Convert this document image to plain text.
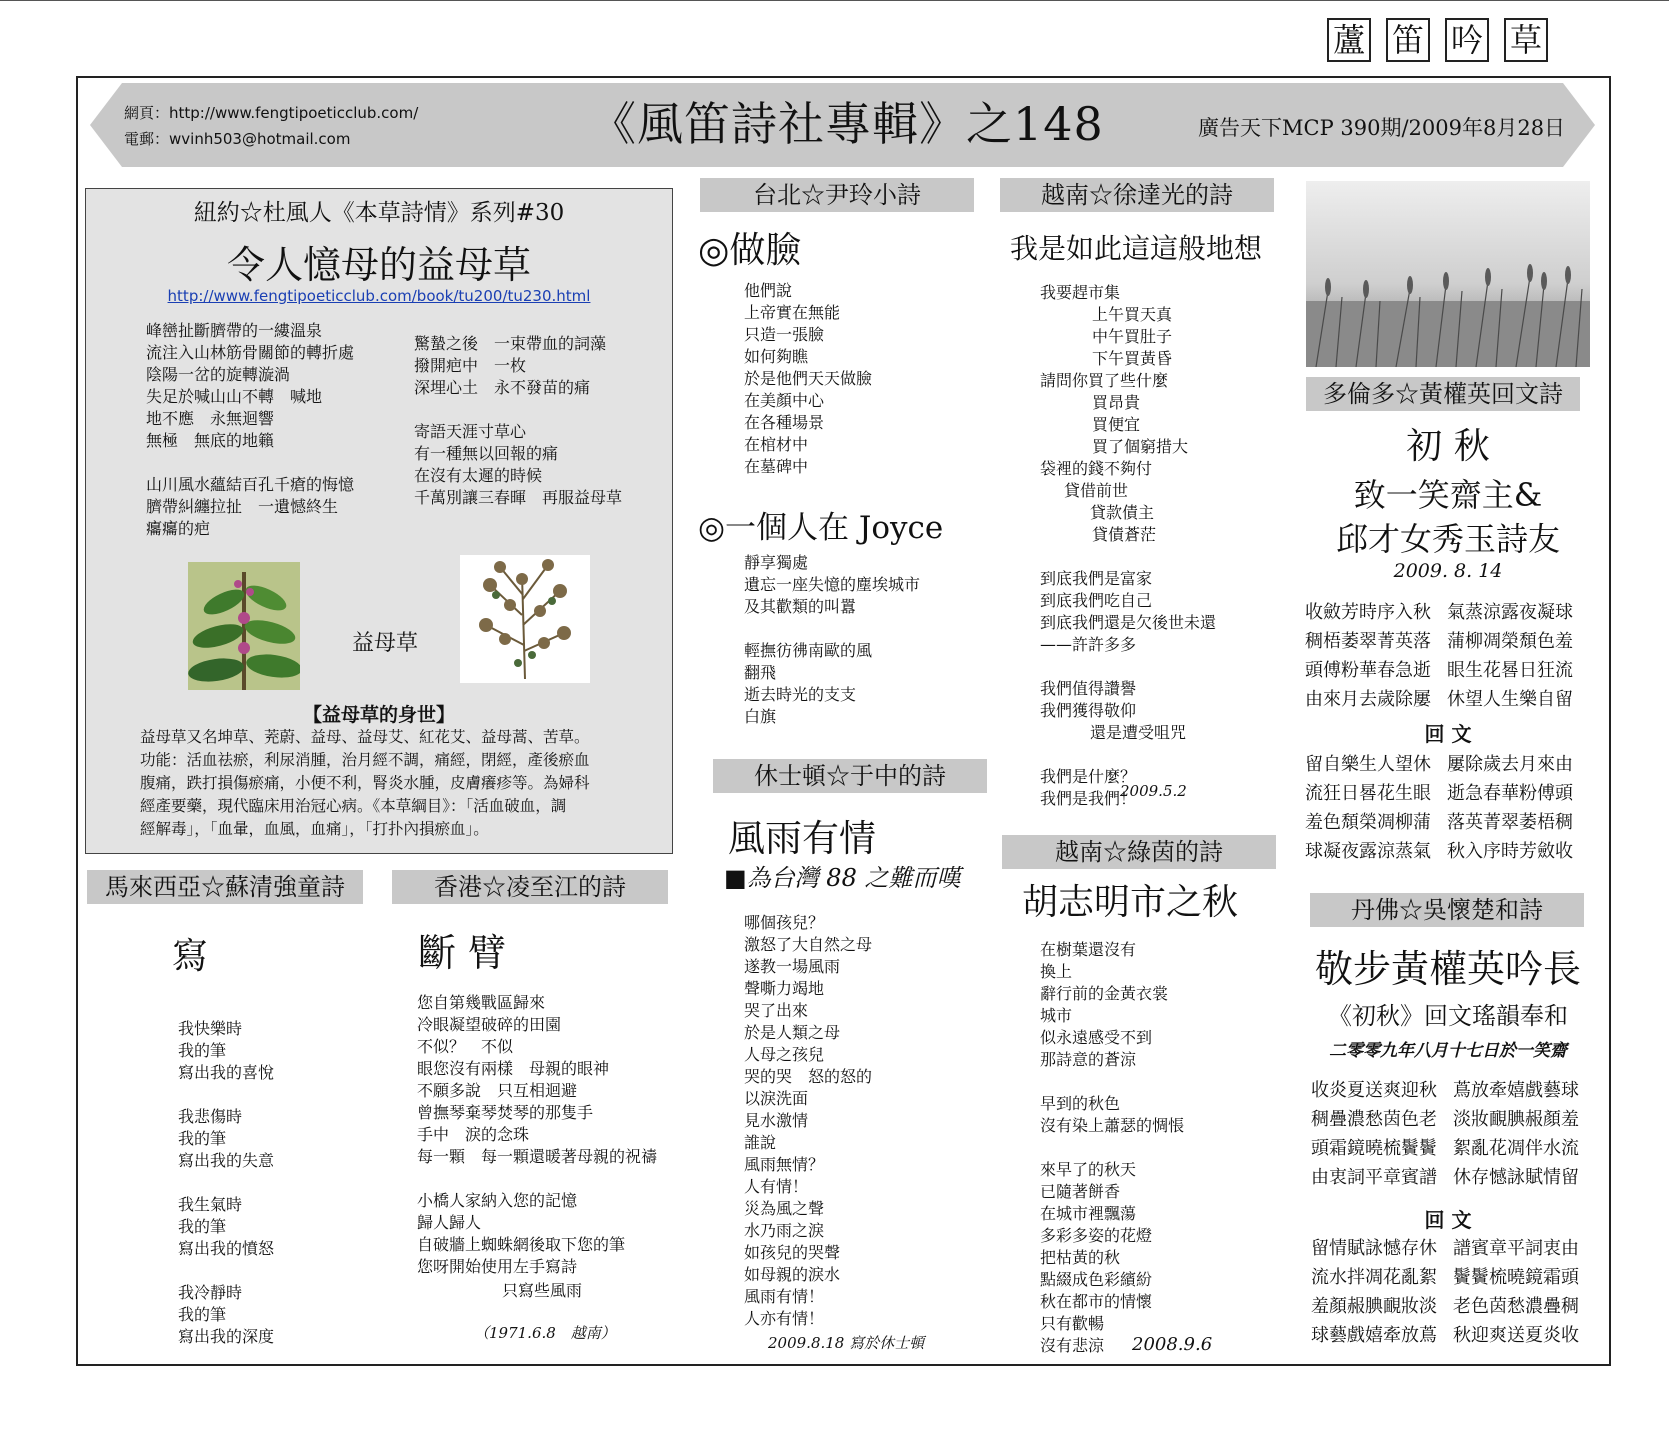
網頁：http://www.fengtipoeticclub.com/
電郵：wvinh503@hotmail.com	《風笛詩社專輯》之148	廣告天下MCP 390期/2009年8月28日
紐約☆杜風人《本草詩情》系列#30
令人憶母的益母草
http://www.fengtipoeticclub.com/book/tu200/tu230.html
峰巒扯斷臍帶的一縷溫泉
流注入山林筋骨關節的轉折處
陰陽一岔的旋轉漩渦
失足於喊山山不轉　喊地
地不應　永無迴響
無極　無底的地籟
山川風水蘊結百孔千瘡的悔憶
臍帶糾纏拉扯　一遺憾終生
癟癟的疤
驚蟄之後　一束帶血的詞藻
撥開疤中　一枚
深埋心土　永不發苗的痛
寄語天涯寸草心
有一種無以回報的痛
在沒有太遲的時候
千萬別讓三春暉　再服益母草
益母草
【益母草的身世】
益母草又名坤草、茺蔚、益母、益母艾、紅花艾、益母蒿、苦草。
功能：活血祛瘀，利尿消腫，治月經不調，痛經，閉經，產後瘀血
腹痛，跌打損傷瘀痛，小便不利，腎炎水腫，皮膚癢疹等。為婦科
經產要藥，現代臨床用治冠心病。《本草綱目》：「活血破血，調
經解毒」，「血暈，血風，血痛」，「打扑內損瘀血」。
馬來西亞☆蘇清強童詩
寫
我快樂時
我的筆
寫出我的喜悅
我悲傷時
我的筆
寫出我的失意
我生氣時
我的筆
寫出我的憤怒
我冷靜時
我的筆
寫出我的深度
香港☆凌至江的詩
斷 臂
您自第幾戰區歸來
冷眼凝望破碎的田園
不似？　不似
眼您沒有兩樣　母親的眼神
不願多說　只互相迴避
曾撫琴棄琴焚琴的那隻手
手中　淚的念珠
每一顆　每一顆還暖著母親的祝禱
小橋人家納入您的記憶
歸人歸人
自破牆上蜘蛛網後取下您的筆
您呀開始使用左手寫詩
只寫些風雨
（1971.6.8　越南）
台北☆尹玲小詩
◎做臉
他們說
上帝實在無能
只造一張臉
如何夠瞧
於是他們天天做臉
在美顏中心
在各種場景
在棺材中
在墓碑中
◎一個人在 Joyce
靜享獨處
遺忘一座失憶的塵埃城市
及其歡類的叫囂
輕撫彷彿南歐的風
翻飛
逝去時光的支支
白旗
休士頓☆于中的詩
風雨有情
■為台灣 88 之難而嘆
哪個孩兒？
激怒了大自然之母
遂教一場風雨
聲嘶力竭地
哭了出來
於是人類之母
人母之孩兒
哭的哭　怒的怒的
以淚洗面
見水激情
誰說
風雨無情？
人有情！
災為風之聲
水乃雨之淚
如孩兒的哭聲
如母親的淚水
風雨有情！
人亦有情！
2009.8.18 寫於休士頓
越南☆徐達光的詩
我是如此這這般地想
我要趕市集
上午買天真
中午買肚子
下午買黃昏
請問你買了些什麼
買昂貴
買便宜
買了個窮措大
袋裡的錢不夠付
貸借前世
貸款債主
貸債蒼茫
到底我們是富家
到底我們吃自己
到底我們還是欠後世未還
——許許多多
我們值得讚譽
我們獲得敬仰
還是遭受咀咒
我們是什麼？
我們是我們！
2009.5.2
越南☆綠茵的詩
胡志明市之秋
在樹葉還沒有
換上
辭行前的金黃衣裳
城市
似永遠感受不到
那詩意的蒼涼
早到的秋色
沒有染上蕭瑟的惆悵
來早了的秋天
已隨著餅香
在城市裡飄蕩
多彩多姿的花燈
把枯黃的秋
點綴成色彩繽紛
秋在都市的情懷
只有歡暢
沒有悲涼	2008.9.6
蘆 笛 吟 草
多倫多☆黃權英回文詩
初 秋
致一笑齋主&
邱才女秀玉詩友
2009. 8. 14
收斂芳時序入秋 氣蒸涼露夜凝球
稠梧萎翠菁英落 蒲柳凋榮頹色羞
頭傅粉華春急逝 眼生花晷日狂流
由來月去歲除屢 休望人生樂自留
回 文
留自樂生人望休 屢除歲去月來由
流狂日晷花生眼 逝急春華粉傅頭
羞色頹榮凋柳蒲 落英菁翠萎梧稠
球凝夜露涼蒸氣 秋入序時芳斂收
丹佛☆吳懷楚和詩
敬步黃權英吟長
《初秋》回文瑤韻奉和
二零零九年八月十七日於一笑齋
收炎夏送爽迎秋 蔦放牽嬉戲藝球
稠疊濃愁茵色老 淡妝靦腆赧顏羞
頭霜鏡曉梳鬢鬢 絮亂花凋伴水流
由衷詞平章賓譜 休存憾詠賦情留
回 文
留情賦詠憾存休 譜賓章平詞衷由
流水拌凋花亂絮 鬢鬢梳曉鏡霜頭
羞顏赧腆靦妝淡 老色茵愁濃疊稠
球藝戲嬉牽放蔦 秋迎爽送夏炎收
